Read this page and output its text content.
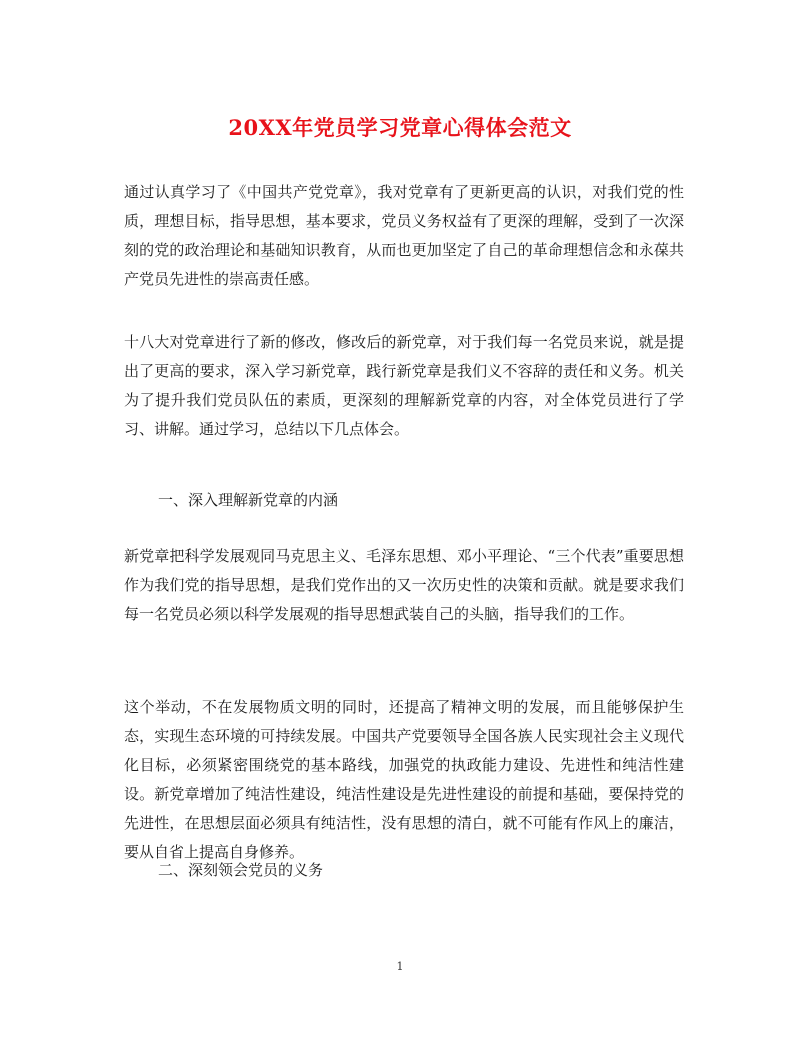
20XX年党员学习党章心得体会范文
通过认真学习了《中国共产党党章》，我对党章有了更新更高的认识，对我们党的性质，理想目标，指导思想，基本要求，党员义务权益有了更深的理解，受到了一次深刻的党的政治理论和基础知识教育，从而也更加坚定了自己的革命理想信念和永葆共产党员先进性的崇高责任感。
十八大对党章进行了新的修改，修改后的新党章，对于我们每一名党员来说，就是提出了更高的要求，深入学习新党章，践行新党章是我们义不容辞的责任和义务。机关为了提升我们党员队伍的素质，更深刻的理解新党章的内容，对全体党员进行了学习、讲解。通过学习，总结以下几点体会。
一、深入理解新党章的内涵
新党章把科学发展观同马克思主义、毛泽东思想、邓小平理论、“三个代表”重要思想作为我们党的指导思想，是我们党作出的又一次历史性的决策和贡献。就是要求我们每一名党员必须以科学发展观的指导思想武装自己的头脑，指导我们的工作。
这个举动，不在发展物质文明的同时，还提高了精神文明的发展，而且能够保护生态，实现生态环境的可持续发展。中国共产党要领导全国各族人民实现社会主义现代化目标，必须紧密围绕党的基本路线，加强党的执政能力建设、先进性和纯洁性建设。新党章增加了纯洁性建设，纯洁性建设是先进性建设的前提和基础，要保持党的先进性，在思想层面必须具有纯洁性，没有思想的清白，就不可能有作风上的廉洁，要从自省上提高自身修养。
二、深刻领会党员的义务
1
